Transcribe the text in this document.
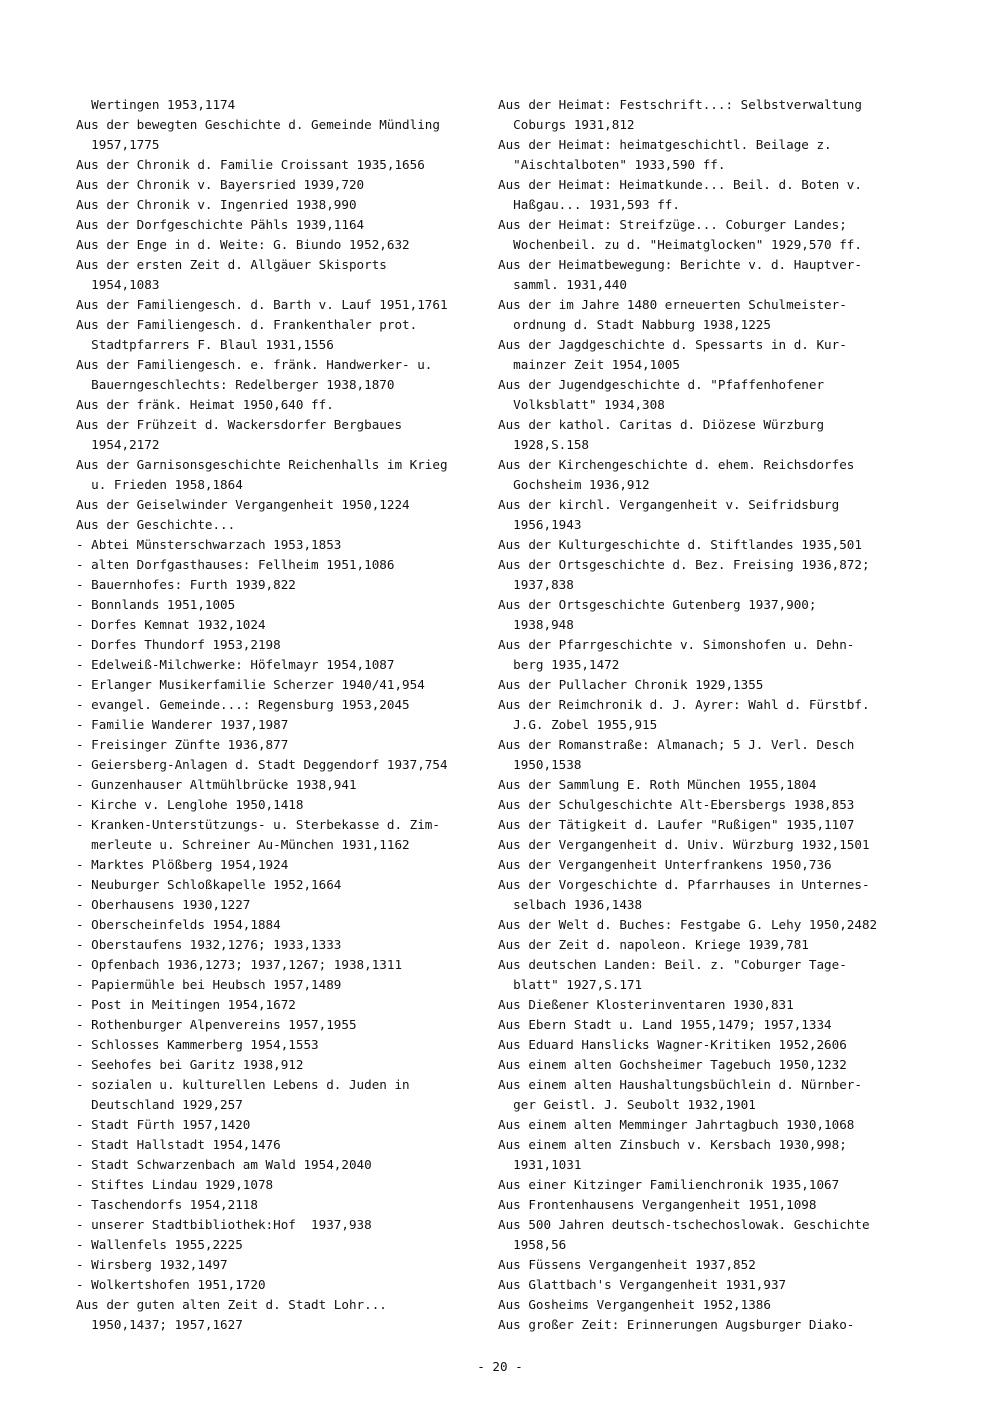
Wertingen 1953,1174
Aus der bewegten Geschichte d. Gemeinde Mündling
1957,1775
Aus der Chronik d. Familie Croissant 1935,1656
Aus der Chronik v. Bayersried 1939,720
Aus der Chronik v. Ingenried 1938,990
Aus der Dorfgeschichte Pähls 1939,1164
Aus der Enge in d. Weite: G. Biundo 1952,632
Aus der ersten Zeit d. Allgäuer Skisports
1954,1083
Aus der Familiengesch. d. Barth v. Lauf 1951,1761
Aus der Familiengesch. d. Frankenthaler prot.
Stadtpfarrers F. Blaul 1931,1556
Aus der Familiengesch. e. fränk. Handwerker- u.
Bauerngeschlechts: Redelberger 1938,1870
Aus der fränk. Heimat 1950,640 ff.
Aus der Frühzeit d. Wackersdorfer Bergbaues
1954,2172
Aus der Garnisonsgeschichte Reichenhalls im Krieg
u. Frieden 1958,1864
Aus der Geiselwinder Vergangenheit 1950,1224
Aus der Geschichte...
- Abtei Münsterschwarzach 1953,1853
- alten Dorfgasthauses: Fellheim 1951,1086
- Bauernhofes: Furth 1939,822
- Bonnlands 1951,1005
- Dorfes Kemnat 1932,1024
- Dorfes Thundorf 1953,2198
- Edelweiß-Milchwerke: Höfelmayr 1954,1087
- Erlanger Musikerfamilie Scherzer 1940/41,954
- evangel. Gemeinde...: Regensburg 1953,2045
- Familie Wanderer 1937,1987
- Freisinger Zünfte 1936,877
- Geiersberg-Anlagen d. Stadt Deggendorf 1937,754
- Gunzenhauser Altmühlbrücke 1938,941
- Kirche v. Lenglohe 1950,1418
- Kranken-Unterstützungs- u. Sterbekasse d. Zim-
merleute u. Schreiner Au-München 1931,1162
- Marktes Plößberg 1954,1924
- Neuburger Schloßkapelle 1952,1664
- Oberhausens 1930,1227
- Oberscheinfelds 1954,1884
- Oberstaufens 1932,1276; 1933,1333
- Opfenbach 1936,1273; 1937,1267; 1938,1311
- Papiermühle bei Heubsch 1957,1489
- Post in Meitingen 1954,1672
- Rothenburger Alpenvereins 1957,1955
- Schlosses Kammerberg 1954,1553
- Seehofes bei Garitz 1938,912
- sozialen u. kulturellen Lebens d. Juden in
Deutschland 1929,257
- Stadt Fürth 1957,1420
- Stadt Hallstadt 1954,1476
- Stadt Schwarzenbach am Wald 1954,2040
- Stiftes Lindau 1929,1078
- Taschendorfs 1954,2118
- unserer Stadtbibliothek:Hof  1937,938
- Wallenfels 1955,2225
- Wirsberg 1932,1497
- Wolkertshofen 1951,1720
Aus der guten alten Zeit d. Stadt Lohr...
1950,1437; 1957,1627
Aus der Heimat: Festschrift...: Selbstverwaltung
Coburgs 1931,812
Aus der Heimat: heimatgeschichtl. Beilage z.
"Aischtalboten" 1933,590 ff.
Aus der Heimat: Heimatkunde... Beil. d. Boten v.
Haßgau... 1931,593 ff.
Aus der Heimat: Streifzüge... Coburger Landes;
Wochenbeil. zu d. "Heimatglocken" 1929,570 ff.
Aus der Heimatbewegung: Berichte v. d. Hauptver-
samml. 1931,440
Aus der im Jahre 1480 erneuerten Schulmeister-
ordnung d. Stadt Nabburg 1938,1225
Aus der Jagdgeschichte d. Spessarts in d. Kur-
mainzer Zeit 1954,1005
Aus der Jugendgeschichte d. "Pfaffenhofener
Volksblatt" 1934,308
Aus der kathol. Caritas d. Diözese Würzburg
1928,S.158
Aus der Kirchengeschichte d. ehem. Reichsdorfes
Gochsheim 1936,912
Aus der kirchl. Vergangenheit v. Seifridsburg
1956,1943
Aus der Kulturgeschichte d. Stiftlandes 1935,501
Aus der Ortsgeschichte d. Bez. Freising 1936,872;
1937,838
Aus der Ortsgeschichte Gutenberg 1937,900;
1938,948
Aus der Pfarrgeschichte v. Simonshofen u. Dehn-
berg 1935,1472
Aus der Pullacher Chronik 1929,1355
Aus der Reimchronik d. J. Ayrer: Wahl d. Fürstbf.
J.G. Zobel 1955,915
Aus der Romanstraße: Almanach; 5 J. Verl. Desch
1950,1538
Aus der Sammlung E. Roth München 1955,1804
Aus der Schulgeschichte Alt-Ebersbergs 1938,853
Aus der Tätigkeit d. Laufer "Rußigen" 1935,1107
Aus der Vergangenheit d. Univ. Würzburg 1932,1501
Aus der Vergangenheit Unterfrankens 1950,736
Aus der Vorgeschichte d. Pfarrhauses in Unternes-
selbach 1936,1438
Aus der Welt d. Buches: Festgabe G. Lehy 1950,2482
Aus der Zeit d. napoleon. Kriege 1939,781
Aus deutschen Landen: Beil. z. "Coburger Tage-
blatt" 1927,S.171
Aus Dießener Klosterinventaren 1930,831
Aus Ebern Stadt u. Land 1955,1479; 1957,1334
Aus Eduard Hanslicks Wagner-Kritiken 1952,2606
Aus einem alten Gochsheimer Tagebuch 1950,1232
Aus einem alten Haushaltungsbüchlein d. Nürnber-
ger Geistl. J. Seubolt 1932,1901
Aus einem alten Memminger Jahrtagbuch 1930,1068
Aus einem alten Zinsbuch v. Kersbach 1930,998;
1931,1031
Aus einer Kitzinger Familienchronik 1935,1067
Aus Frontenhausens Vergangenheit 1951,1098
Aus 500 Jahren deutsch-tschechoslowak. Geschichte
1958,56
Aus Füssens Vergangenheit 1937,852
Aus Glattbach's Vergangenheit 1931,937
Aus Gosheims Vergangenheit 1952,1386
Aus großer Zeit: Erinnerungen Augsburger Diako-
- 20 -
